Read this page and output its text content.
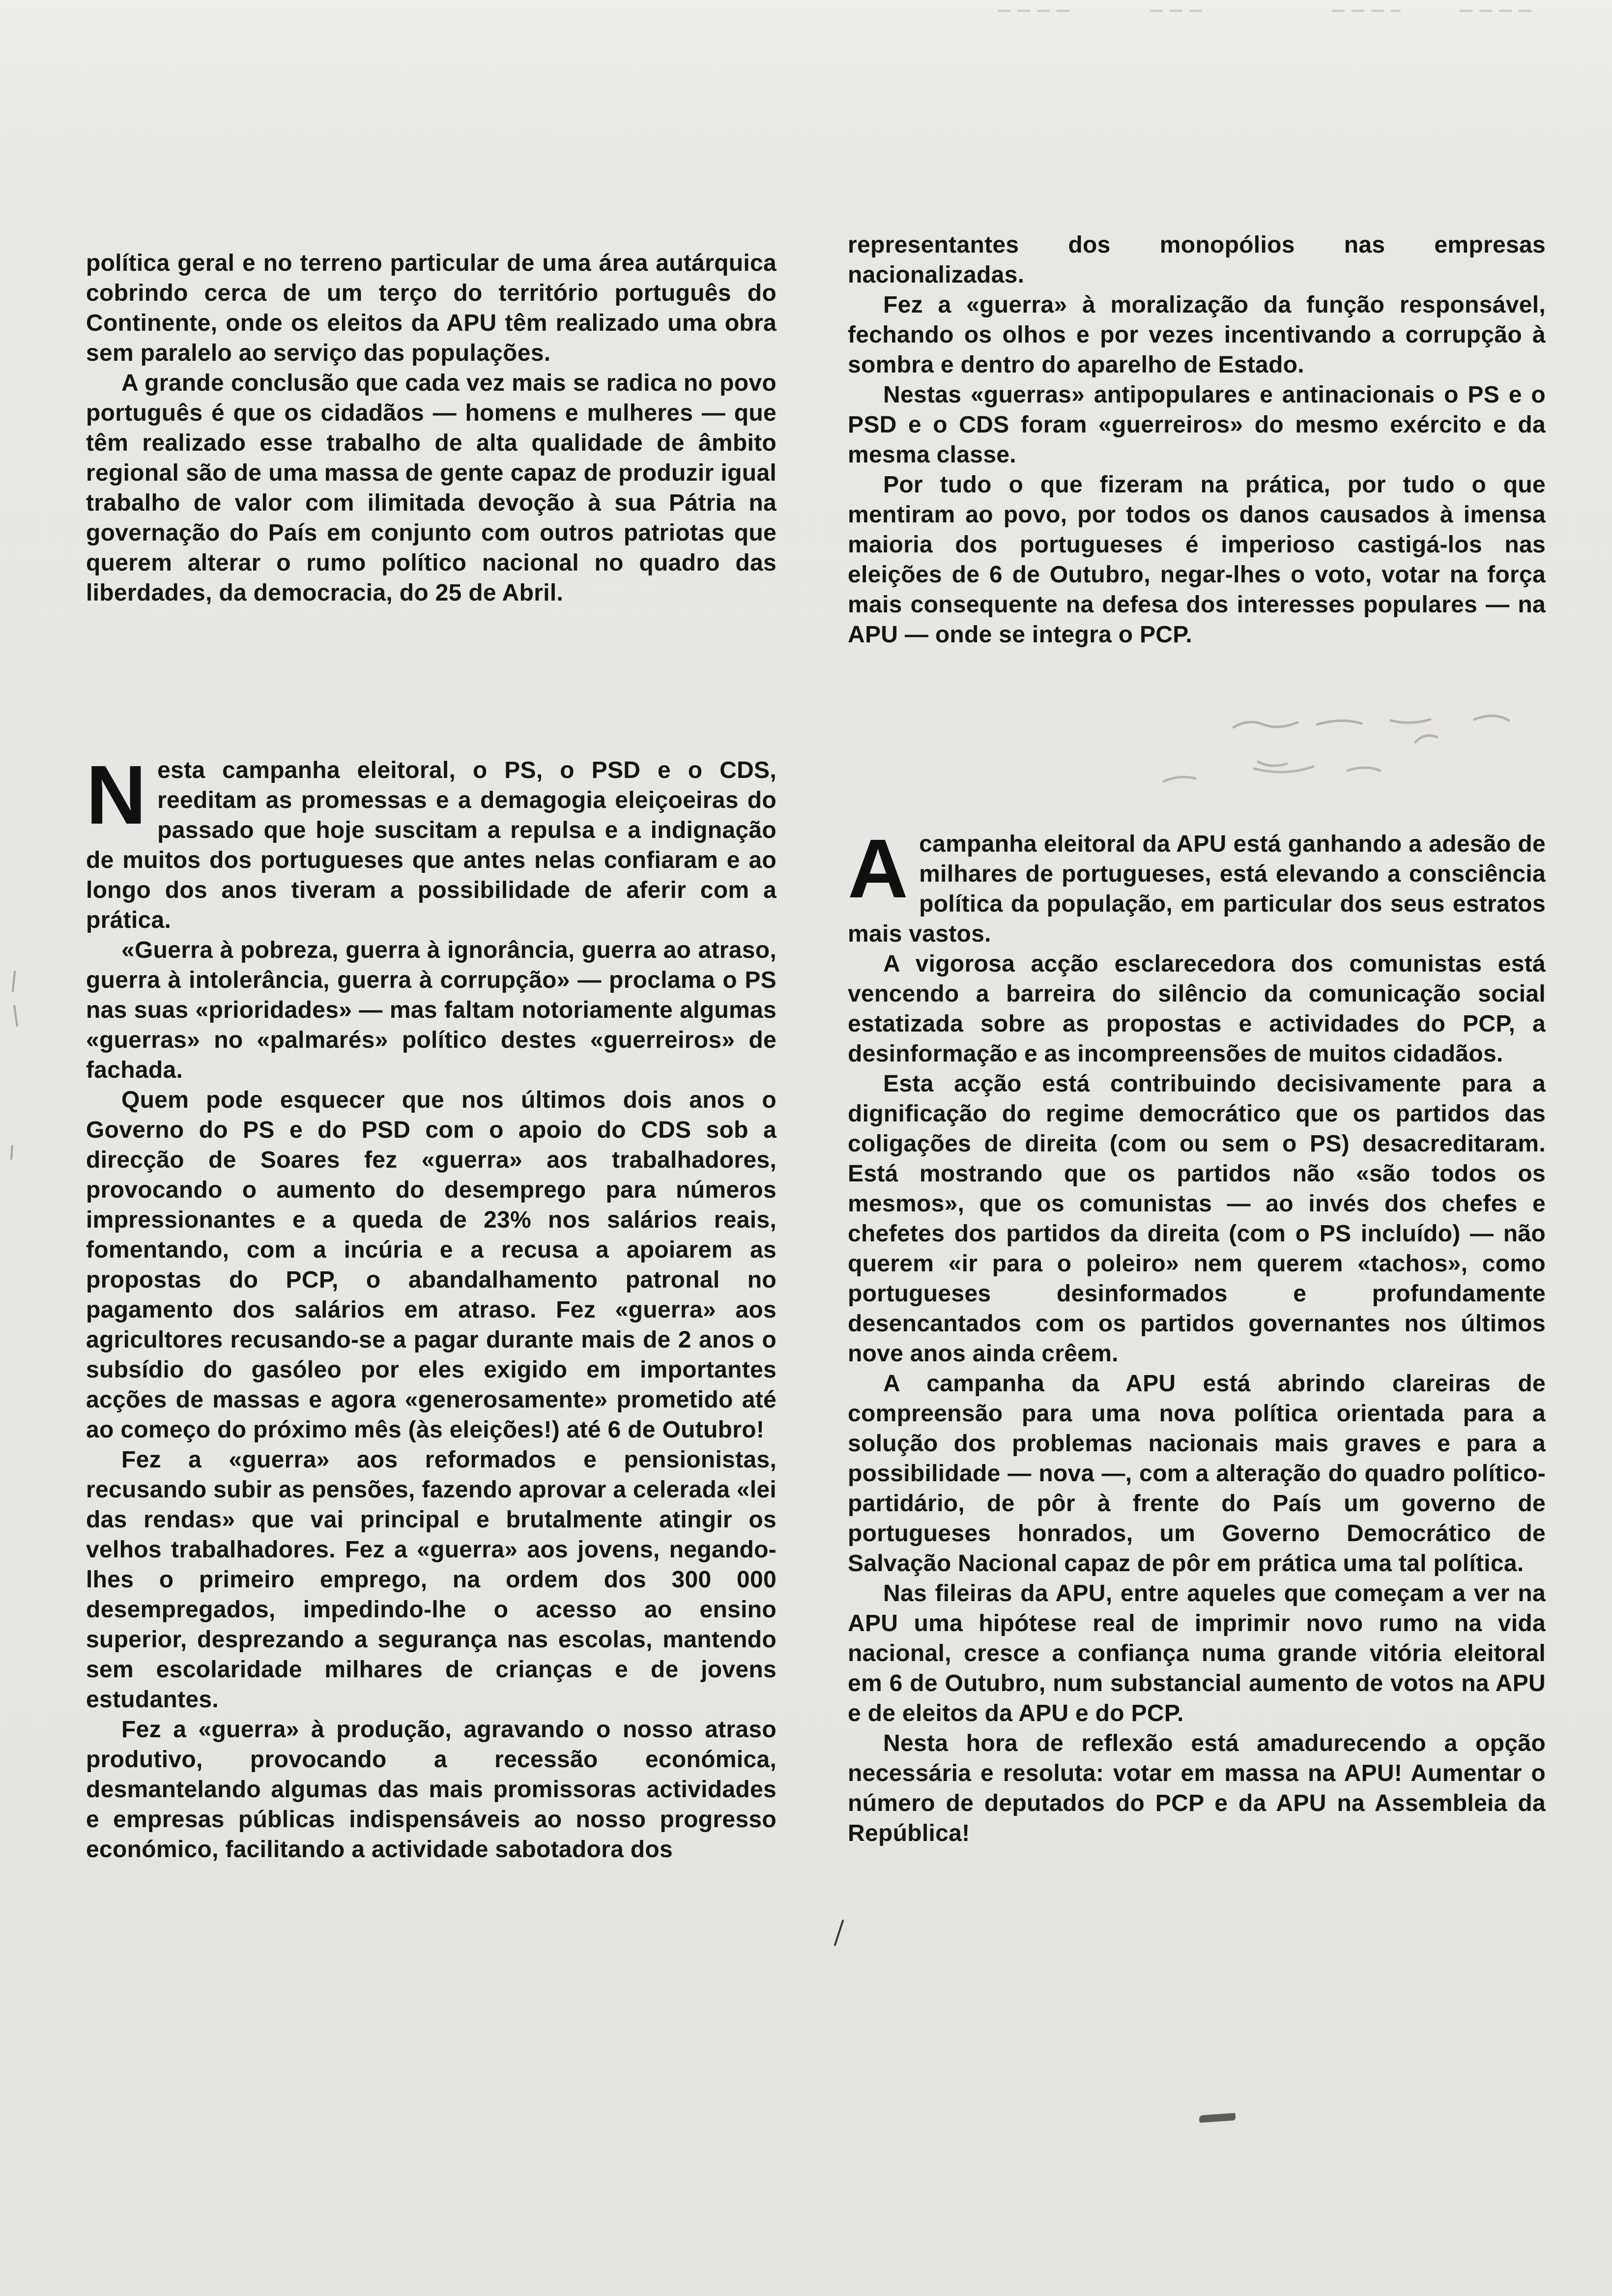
política geral e no terreno particular de uma área autárquica cobrindo cerca de um terço do território português do Continente, onde os eleitos da APU têm realizado uma obra sem paralelo ao serviço das populações.

A grande conclusão que cada vez mais se radica no povo português é que os cidadãos — homens e mulheres — que têm realizado esse trabalho de alta qualidade de âmbito regional são de uma massa de gente capaz de produzir igual trabalho de valor com ilimitada devoção à sua Pátria na governação do País em conjunto com outros patriotas que querem alterar o rumo político nacional no quadro das liberdades, da democracia, do 25 de Abril.

Nesta campanha eleitoral, o PS, o PSD e o CDS, reeditam as promessas e a demagogia eleiçoeiras do passado que hoje suscitam a repulsa e a indignação de muitos dos portugueses que antes nelas confiaram e ao longo dos anos tiveram a possibilidade de aferir com a prática.

«Guerra à pobreza, guerra à ignorância, guerra ao atraso, guerra à intolerância, guerra à corrupção» — proclama o PS nas suas «prioridades» — mas faltam notoriamente algumas «guerras» no «palmarés» político destes «guerreiros» de fachada.

Quem pode esquecer que nos últimos dois anos o Governo do PS e do PSD com o apoio do CDS sob a direcção de Soares fez «guerra» aos trabalhadores, provocando o aumento do desemprego para números impressionantes e a queda de 23% nos salários reais, fomentando, com a incúria e a recusa a apoiarem as propostas do PCP, o abandalhamento patronal no pagamento dos salários em atraso. Fez «guerra» aos agricultores recusando-se a pagar durante mais de 2 anos o subsídio do gasóleo por eles exigido em importantes acções de massas e agora «generosamente» prometido até ao começo do próximo mês (às eleições!) até 6 de Outubro!

Fez a «guerra» aos reformados e pensionistas, recusando subir as pensões, fazendo aprovar a celerada «lei das rendas» que vai principal e brutalmente atingir os velhos trabalhadores. Fez a «guerra» aos jovens, negando-lhes o primeiro emprego, na ordem dos 300 000 desempregados, impedindo-lhe o acesso ao ensino superior, desprezando a segurança nas escolas, mantendo sem escolaridade milhares de crianças e de jovens estudantes.

Fez a «guerra» à produção, agravando o nosso atraso produtivo, provocando a recessão económica, desmantelando algumas das mais promissoras actividades e empresas públicas indispensáveis ao nosso progresso económico, facilitando a actividade sabotadora dos

representantes dos monopólios nas empresas nacionalizadas.

Fez a «guerra» à moralização da função responsável, fechando os olhos e por vezes incentivando a corrupção à sombra e dentro do aparelho de Estado.

Nestas «guerras» antipopulares e antinacionais o PS e o PSD e o CDS foram «guerreiros» do mesmo exército e da mesma classe.

Por tudo o que fizeram na prática, por tudo o que mentiram ao povo, por todos os danos causados à imensa maioria dos portugueses é imperioso castigá-los nas eleições de 6 de Outubro, negar-lhes o voto, votar na força mais consequente na defesa dos interesses populares — na APU — onde se integra o PCP.

Acampanha eleitoral da APU está ganhando a adesão de milhares de portugueses, está elevando a consciência política da população, em particular dos seus estratos mais vastos.

A vigorosa acção esclarecedora dos comunistas está vencendo a barreira do silêncio da comunicação social estatizada sobre as propostas e actividades do PCP, a desinformação e as incompreensões de muitos cidadãos.

Esta acção está contribuindo decisivamente para a dignificação do regime democrático que os partidos das coligações de direita (com ou sem o PS) desacreditaram. Está mostrando que os partidos não «são todos os mesmos», que os comunistas — ao invés dos chefes e chefetes dos partidos da direita (com o PS incluído) — não querem «ir para o poleiro» nem querem «tachos», como portugueses desinformados e profundamente desencantados com os partidos governantes nos últimos nove anos ainda crêem.

A campanha da APU está abrindo clareiras de compreensão para uma nova política orientada para a solução dos problemas nacionais mais graves e para a possibilidade — nova —, com a alteração do quadro político-partidário, de pôr à frente do País um governo de portugueses honrados, um Governo Democrático de Salvação Nacional capaz de pôr em prática uma tal política.

Nas fileiras da APU, entre aqueles que começam a ver na APU uma hipótese real de imprimir novo rumo na vida nacional, cresce a confiança numa grande vitória eleitoral em 6 de Outubro, num substancial aumento de votos na APU e de eleitos da APU e do PCP.

Nesta hora de reflexão está amadurecendo a opção necessária e resoluta: votar em massa na APU! Aumentar o número de deputados do PCP e da APU na Assembleia da República!
